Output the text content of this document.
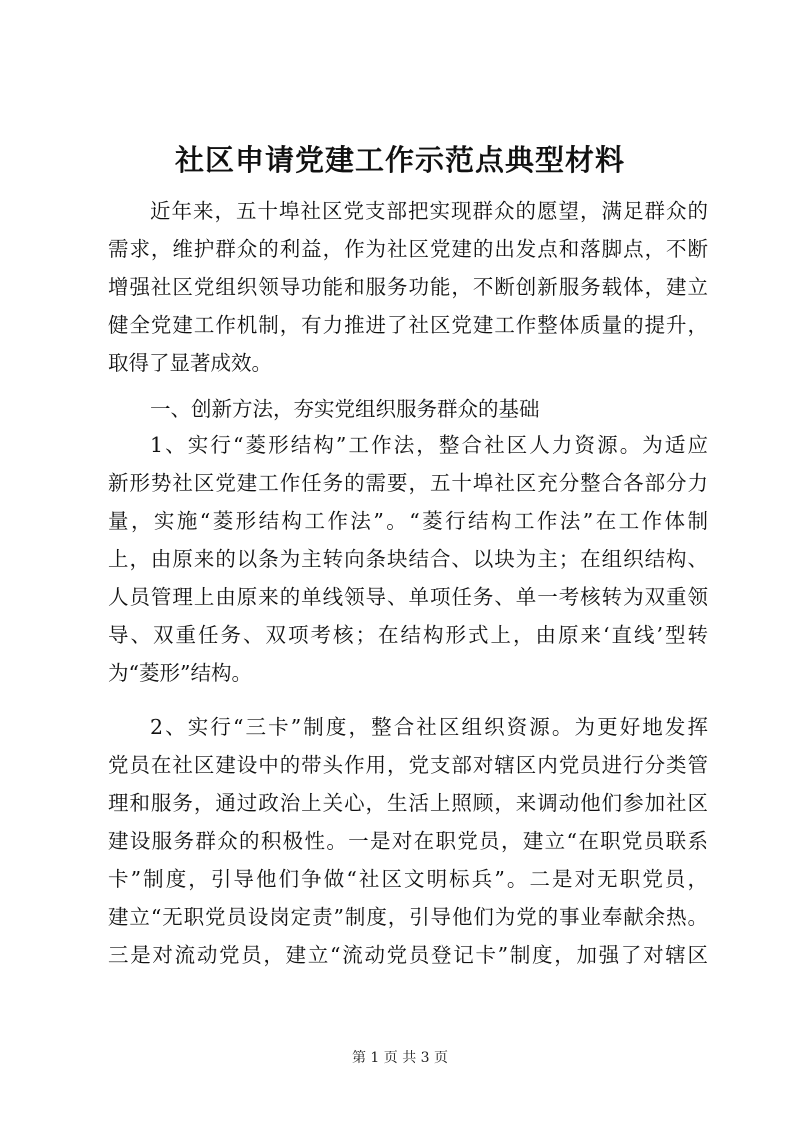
社区申请党建工作示范点典型材料
近年来，五十埠社区党支部把实现群众的愿望，满足群众的
需求，维护群众的利益，作为社区党建的出发点和落脚点，不断
增强社区党组织领导功能和服务功能，不断创新服务载体，建立
健全党建工作机制，有力推进了社区党建工作整体质量的提升，
取得了显著成效。
一、创新方法，夯实党组织服务群众的基础
1、实行“菱形结构”工作法，整合社区人力资源。为适应
新形势社区党建工作任务的需要，五十埠社区充分整合各部分力
量，实施“菱形结构工作法”。“菱行结构工作法”在工作体制
上，由原来的以条为主转向条块结合、以块为主；在组织结构、
人员管理上由原来的单线领导、单项任务、单一考核转为双重领
导、双重任务、双项考核；在结构形式上，由原来‘直线’型转
为“菱形”结构。
2、实行“三卡”制度，整合社区组织资源。为更好地发挥
党员在社区建设中的带头作用，党支部对辖区内党员进行分类管
理和服务，通过政治上关心，生活上照顾，来调动他们参加社区
建设服务群众的积极性。一是对在职党员，建立“在职党员联系
卡”制度，引导他们争做“社区文明标兵”。二是对无职党员，
建立“无职党员设岗定责”制度，引导他们为党的事业奉献余热。
三是对流动党员，建立“流动党员登记卡”制度，加强了对辖区
第 1 页 共 3 页
